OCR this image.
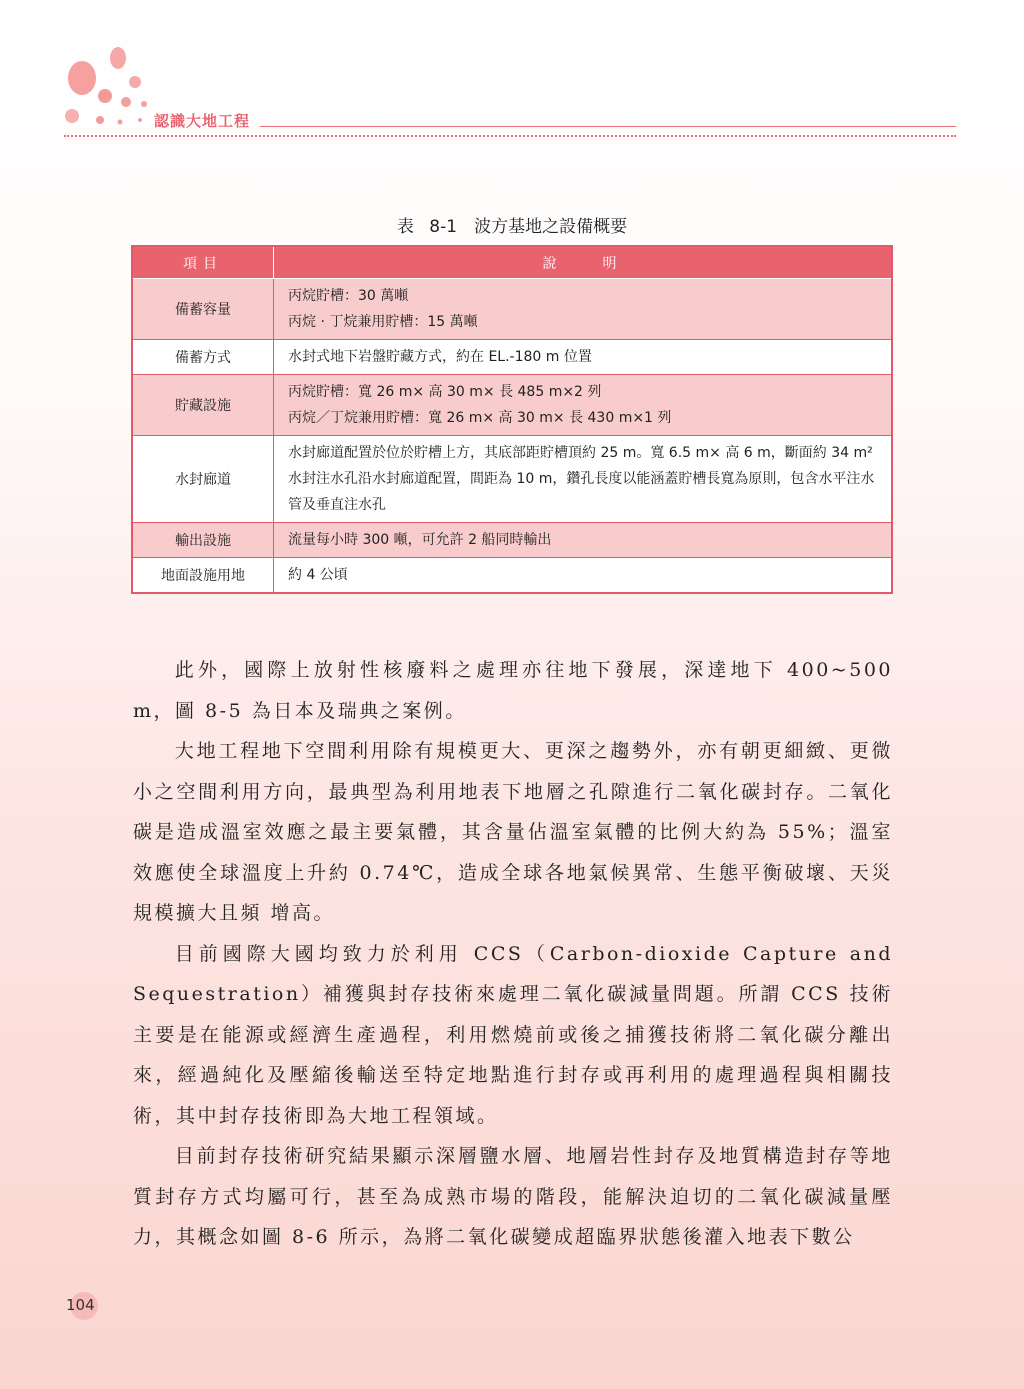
認識大地工程
表 8-1　波方基地之設備概要
項目	說　　明
備蓄容量	丙烷貯槽：30 萬噸
丙烷 · 丁烷兼用貯槽：15 萬噸

備蓄方式	水封式地下岩盤貯藏方式，約在 EL.-180 m 位置

貯藏設施	丙烷貯槽：寬 26 m× 高 30 m× 長 485 m×2 列
丙烷／丁烷兼用貯槽：寬 26 m× 高 30 m× 長 430 m×1 列

水封廊道	水封廊道配置於位於貯槽上方，其底部距貯槽頂約 25 m。寬 6.5 m× 高 6 m，斷面約 34 m²
水封注水孔沿水封廊道配置，間距為 10 m，鑽孔長度以能涵蓋貯槽長寬為原則，包含水平注水管及垂直注水孔

輸出設施	流量每小時 300 噸，可允許 2 船同時輸出

地面設施用地	約 4 公頃

此外，國際上放射性核廢料之處理亦往地下發展，深達地下 400~500 m，圖 8-5 為日本及瑞典之案例。

大地工程地下空間利用除有規模更大、更深之趨勢外，亦有朝更細緻、更微小之空間利用方向，最典型為利用地表下地層之孔隙進行二氧化碳封存。二氧化碳是造成溫室效應之最主要氣體，其含量佔溫室氣體的比例大約為 55%；溫室效應使全球溫度上升約 0.74℃，造成全球各地氣候異常、生態平衡破壞、天災規模擴大且頻 增高。

目前國際大國均致力於利用 CCS（Carbon-dioxide Capture and Sequestration）補獲與封存技術來處理二氧化碳減量問題。所謂 CCS 技術主要是在能源或經濟生產過程，利用燃燒前或後之捕獲技術將二氧化碳分離出來，經過純化及壓縮後輸送至特定地點進行封存或再利用的處理過程與相關技術，其中封存技術即為大地工程領域。

目前封存技術研究結果顯示深層鹽水層、地層岩性封存及地質構造封存等地質封存方式均屬可行，甚至為成熟市場的階段，能解決迫切的二氧化碳減量壓力，其概念如圖 8-6 所示，為將二氧化碳變成超臨界狀態後灌入地表下數公

104
